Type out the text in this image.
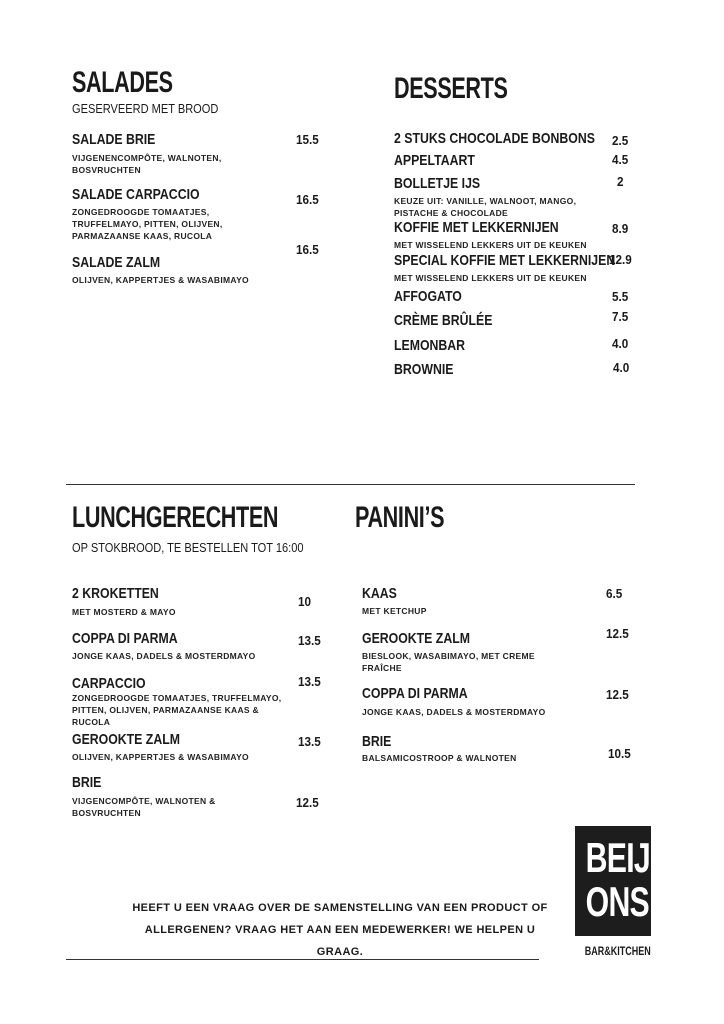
SALADES
GESERVEERD MET BROOD
SALADE BRIE
VIJGENENCOMPÔTE, WALNOTEN, BOSVRUCHTEN
15.5
SALADE CARPACCIO
ZONGEDROOGDE TOMAATJES, TRUFFELMAYO, PITTEN, OLIJVEN, PARMAZAANSE KAAS, RUCOLA
16.5
SALADE ZALM
OLIJVEN, KAPPERTJES & WASABIMAYO
16.5
DESSERTS
2 STUKS CHOCOLADE BONBONS 2.5
APPELTAART	4.5
BOLLETJE IJS
KEUZE UIT: VANILLE, WALNOOT, MANGO, PISTACHE & CHOCOLADE
2
KOFFIE MET LEKKERNIJEN
MET WISSELEND LEKKERS UIT DE KEUKEN
8.9
SPECIAL KOFFIE MET LEKKERNIJEN
MET WISSELEND LEKKERS UIT DE KEUKEN
12.9
AFFOGATO	5.5
CRÈME BRÛLÉE	7.5
LEMONBAR	4.0
BROWNIE	4.0
LUNCHGERECHTEN
OP STOKBROOD, TE BESTELLEN TOT 16:00
2 KROKETTEN
MET MOSTERD & MAYO
10
COPPA DI PARMA
JONGE KAAS, DADELS & MOSTERDMAYO
13.5
CARPACCIO
ZONGEDROOGDE TOMAATJES, TRUFFELMAYO, PITTEN, OLIJVEN, PARMAZAANSE KAAS & RUCOLA
13.5
GEROOKTE ZALM
OLIJVEN, KAPPERTJES & WASABIMAYO
13.5
BRIE
VIJGENCOMPÔTE, WALNOTEN & BOSVRUCHTEN
12.5
PANINI’S
KAAS
MET KETCHUP
6.5
GEROOKTE ZALM
BIESLOOK, WASABIMAYO, MET CREME FRAÎCHE
12.5
COPPA DI PARMA
JONGE KAAS, DADELS & MOSTERDMAYO
12.5
BRIE
BALSAMICOSTROOP & WALNOTEN	10.5
HEEFT U EEN VRAAG OVER DE SAMENSTELLING VAN EEN PRODUCT OF
ALLERGENEN? VRAAG HET AAN EEN MEDEWERKER! WE HELPEN U GRAAG.
BEIJ
ONS
BAR&KITCHEN
